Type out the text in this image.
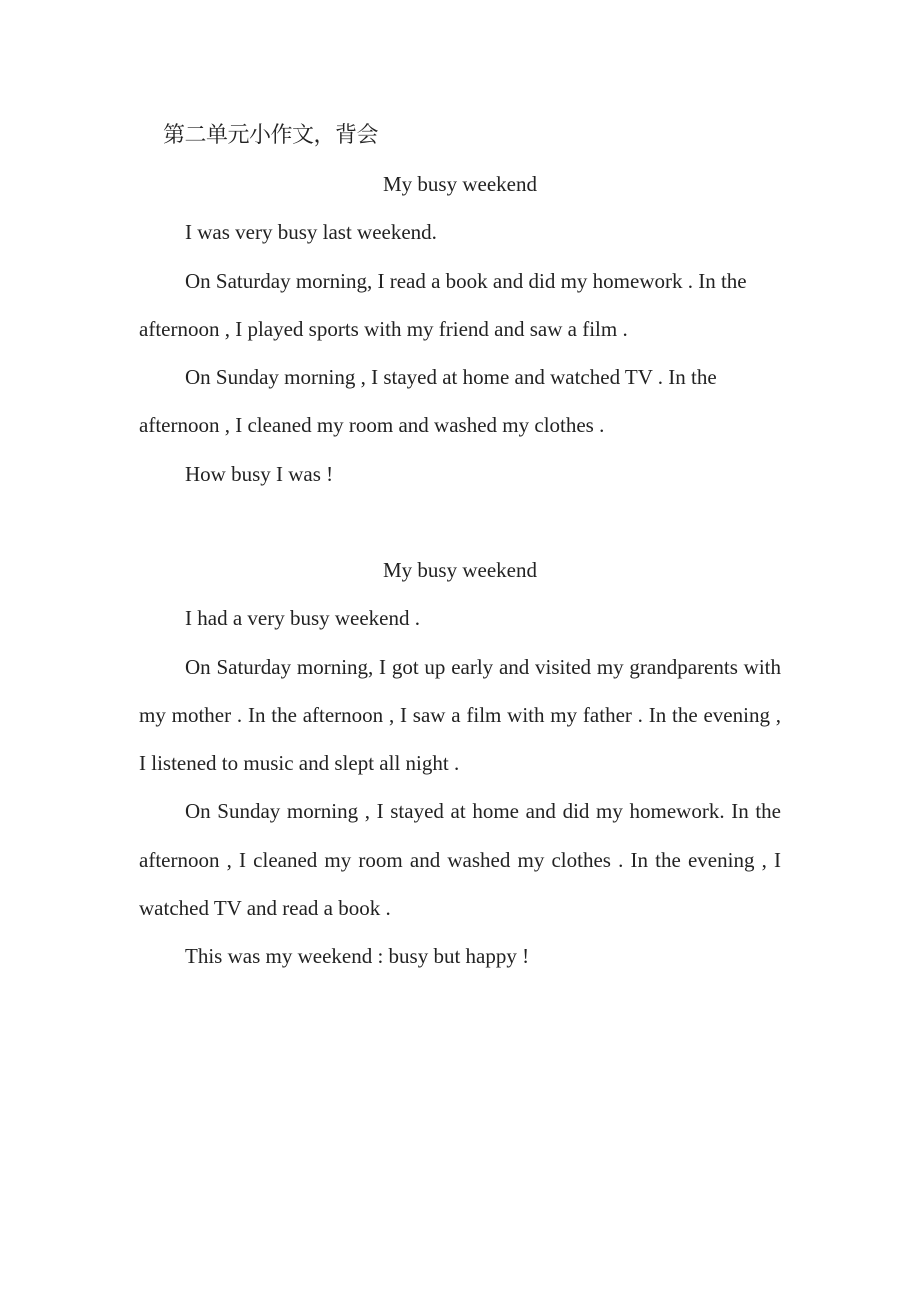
第二单元小作文，背会

My busy weekend

I was very busy last weekend.

On Saturday morning, I read a book and did my homework . In the afternoon , I played sports with my friend and saw a film .

On Sunday morning , I stayed at home and watched TV . In the afternoon , I cleaned my room and washed my clothes .

How busy I was !

My busy weekend

I had a very busy weekend .

On Saturday morning, I got up early and visited my grandparents with my mother . In the afternoon , I saw a film with my father . In the evening , I listened to music and slept all night .

On Sunday morning , I stayed at home and did my homework. In the afternoon , I cleaned my room and washed my clothes . In the evening , I watched TV and read a book .

This was my weekend : busy but happy !
